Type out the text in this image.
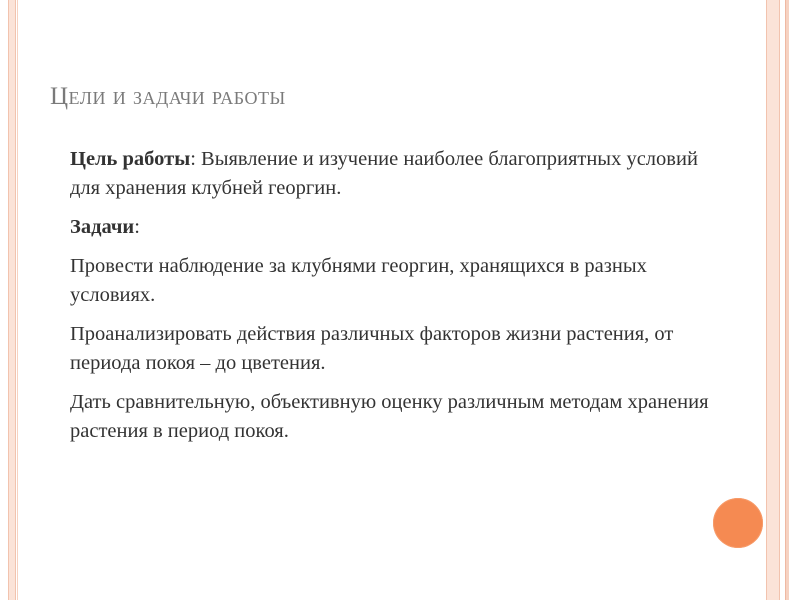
Цели и задачи работы
Цель работы: Выявление и изучение наиболее благоприятных условий для хранения клубней георгин.
Задачи:
Провести наблюдение за клубнями георгин, хранящихся в разных условиях.
Проанализировать действия различных факторов жизни растения, от периода покоя – до цветения.
Дать сравнительную, объективную оценку различным методам хранения растения в период покоя.
